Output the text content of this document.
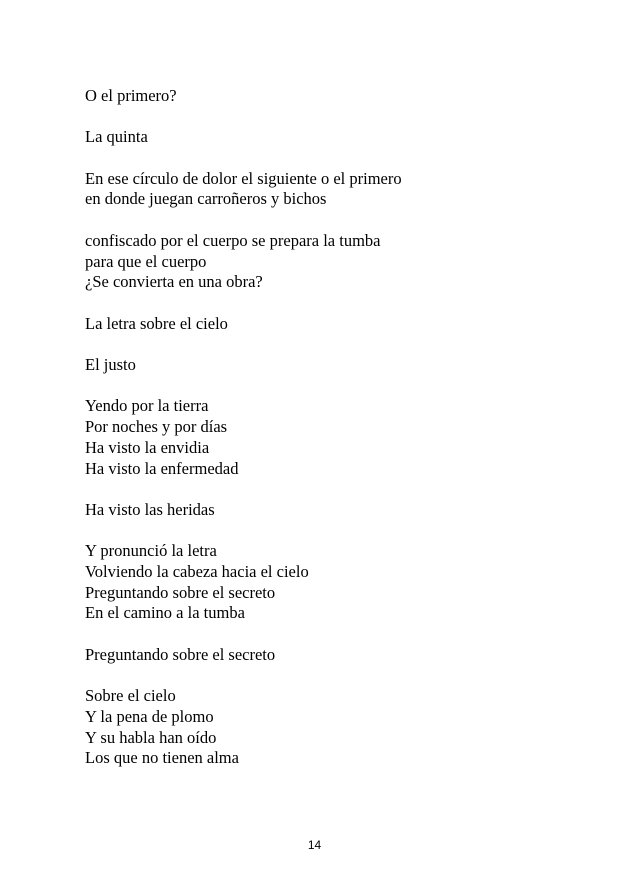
O el primero?
La quinta
En ese círculo de dolor el siguiente o el primero
en donde juegan carroñeros y bichos
confiscado por el cuerpo se prepara la tumba
para que el cuerpo
¿Se convierta en una obra?
La letra sobre el cielo
El justo
Yendo por la tierra
Por noches y por días
Ha visto la envidia
Ha visto la enfermedad
Ha visto las heridas
Y pronunció la letra
Volviendo la cabeza hacia el cielo
Preguntando sobre el secreto
En el camino a la tumba
Preguntando sobre el secreto
Sobre el cielo
Y la pena de plomo
Y su habla han oído
Los que no tienen alma
14
